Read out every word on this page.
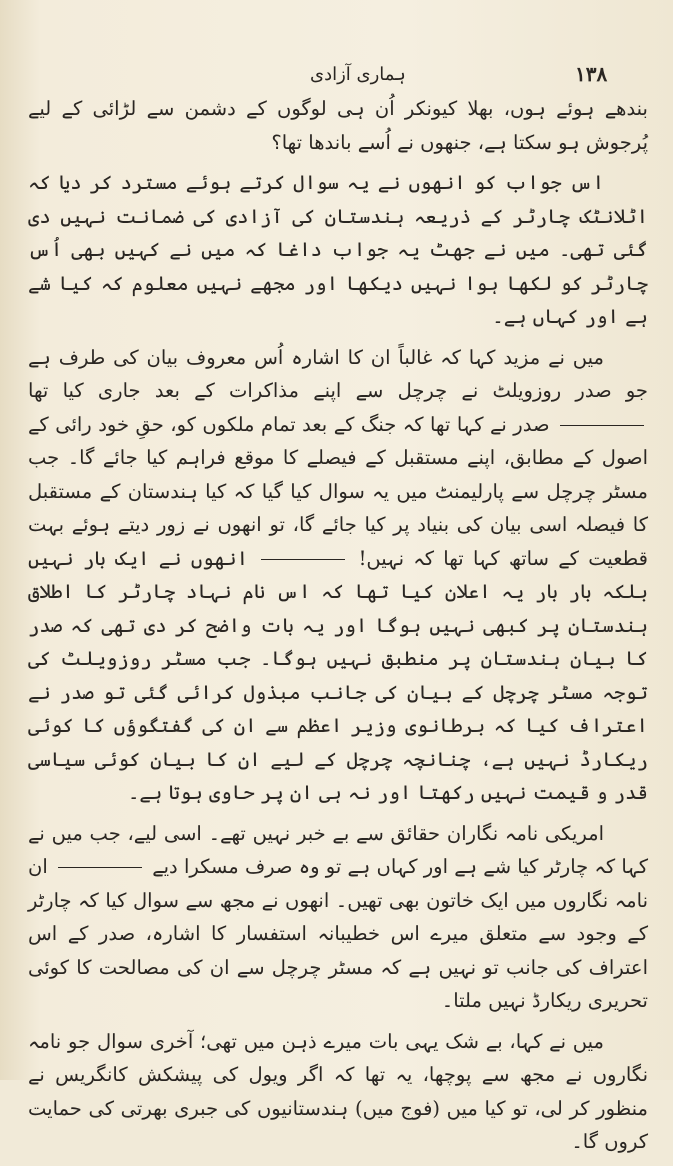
۱۳۸
ہماری آزادی

بندھے ہوئے ہوں، بھلا کیونکر اُن ہی لوگوں کے دشمن سے لڑائی کے لیے پُرجوش ہو سکتا ہے، جنھوں نے اُسے باندھا تھا؟

اس جواب کو انھوں نے یہ سوال کرتے ہوئے مسترد کر دیا کہ اٹلانٹک چارٹر کے ذریعہ ہندستان کی آزادی کی ضمانت نہیں دی گئی تھی۔ میں نے جھٹ یہ جواب داغا کہ میں نے کہیں بھی اُس چارٹر کو لکھا ہوا نہیں دیکھا اور مجھے نہیں معلوم کہ کیا شے ہے اور کہاں ہے۔

میں نے مزید کہا کہ غالباً ان کا اشارہ اُس معروف بیان کی طرف ہے جو صدر روزویلٹ نے چرچل سے اپنے مذاکرات کے بعد جاری کیا تھا  صدر نے کہا تھا کہ جنگ کے بعد تمام ملکوں کو، حقِ خود رائی کے اصول کے مطابق، اپنے مستقبل کے فیصلے کا موقع فراہم کیا جائے گا۔ جب مسٹر چرچل سے پارلیمنٹ میں یہ سوال کیا گیا کہ کیا ہندستان کے مستقبل کا فیصلہ اسی بیان کی بنیاد پر کیا جائے گا، تو انھوں نے زور دیتے ہوئے بہت قطعیت کے ساتھ کہا تھا کہ نہیں!  انھوں نے ایک بار نہیں بلکہ بار بار یہ اعلان کیا تھا کہ اس نام نہاد چارٹر کا اطلاق ہندستان پر کبھی نہیں ہوگا اور یہ بات واضح کر دی تھی کہ صدر کا بیان ہندستان پر منطبق نہیں ہوگا۔ جب مسٹر روزویلٹ کی توجہ مسٹر چرچل کے بیان کی جانب مبذول کرائی گئی تو صدر نے اعتراف کیا کہ برطانوی وزیر اعظم سے ان کی گفتگوؤں کا کوئی ریکارڈ نہیں ہے، چنانچہ چرچل کے لیے ان کا بیان کوئی سیاسی قدر و قیمت نہیں رکھتا اور نہ ہی ان پر حاوی ہوتا ہے۔

امریکی نامہ نگاران حقائق سے بے خبر نہیں تھے۔ اسی لیے، جب میں نے کہا کہ چارٹر کیا شے ہے اور کہاں ہے تو وہ صرف مسکرا دیے  ان نامہ نگاروں میں ایک خاتون بھی تھیں۔ انھوں نے مجھ سے سوال کیا کہ چارٹر کے وجود سے متعلق میرے اس خطیبانہ استفسار کا اشارہ، صدر کے اس اعتراف کی جانب تو نہیں ہے کہ مسٹر چرچل سے ان کی مصالحت کا کوئی تحریری ریکارڈ نہیں ملتا۔

میں نے کہا، بے شک یہی بات میرے ذہن میں تھی؛ آخری سوال جو نامہ نگاروں نے مجھ سے پوچھا، یہ تھا کہ اگر ویول کی پیشکش کانگریس نے منظور کر لی، تو کیا میں (فوج میں) ہندستانیوں کی جبری بھرتی کی حمایت کروں گا۔
